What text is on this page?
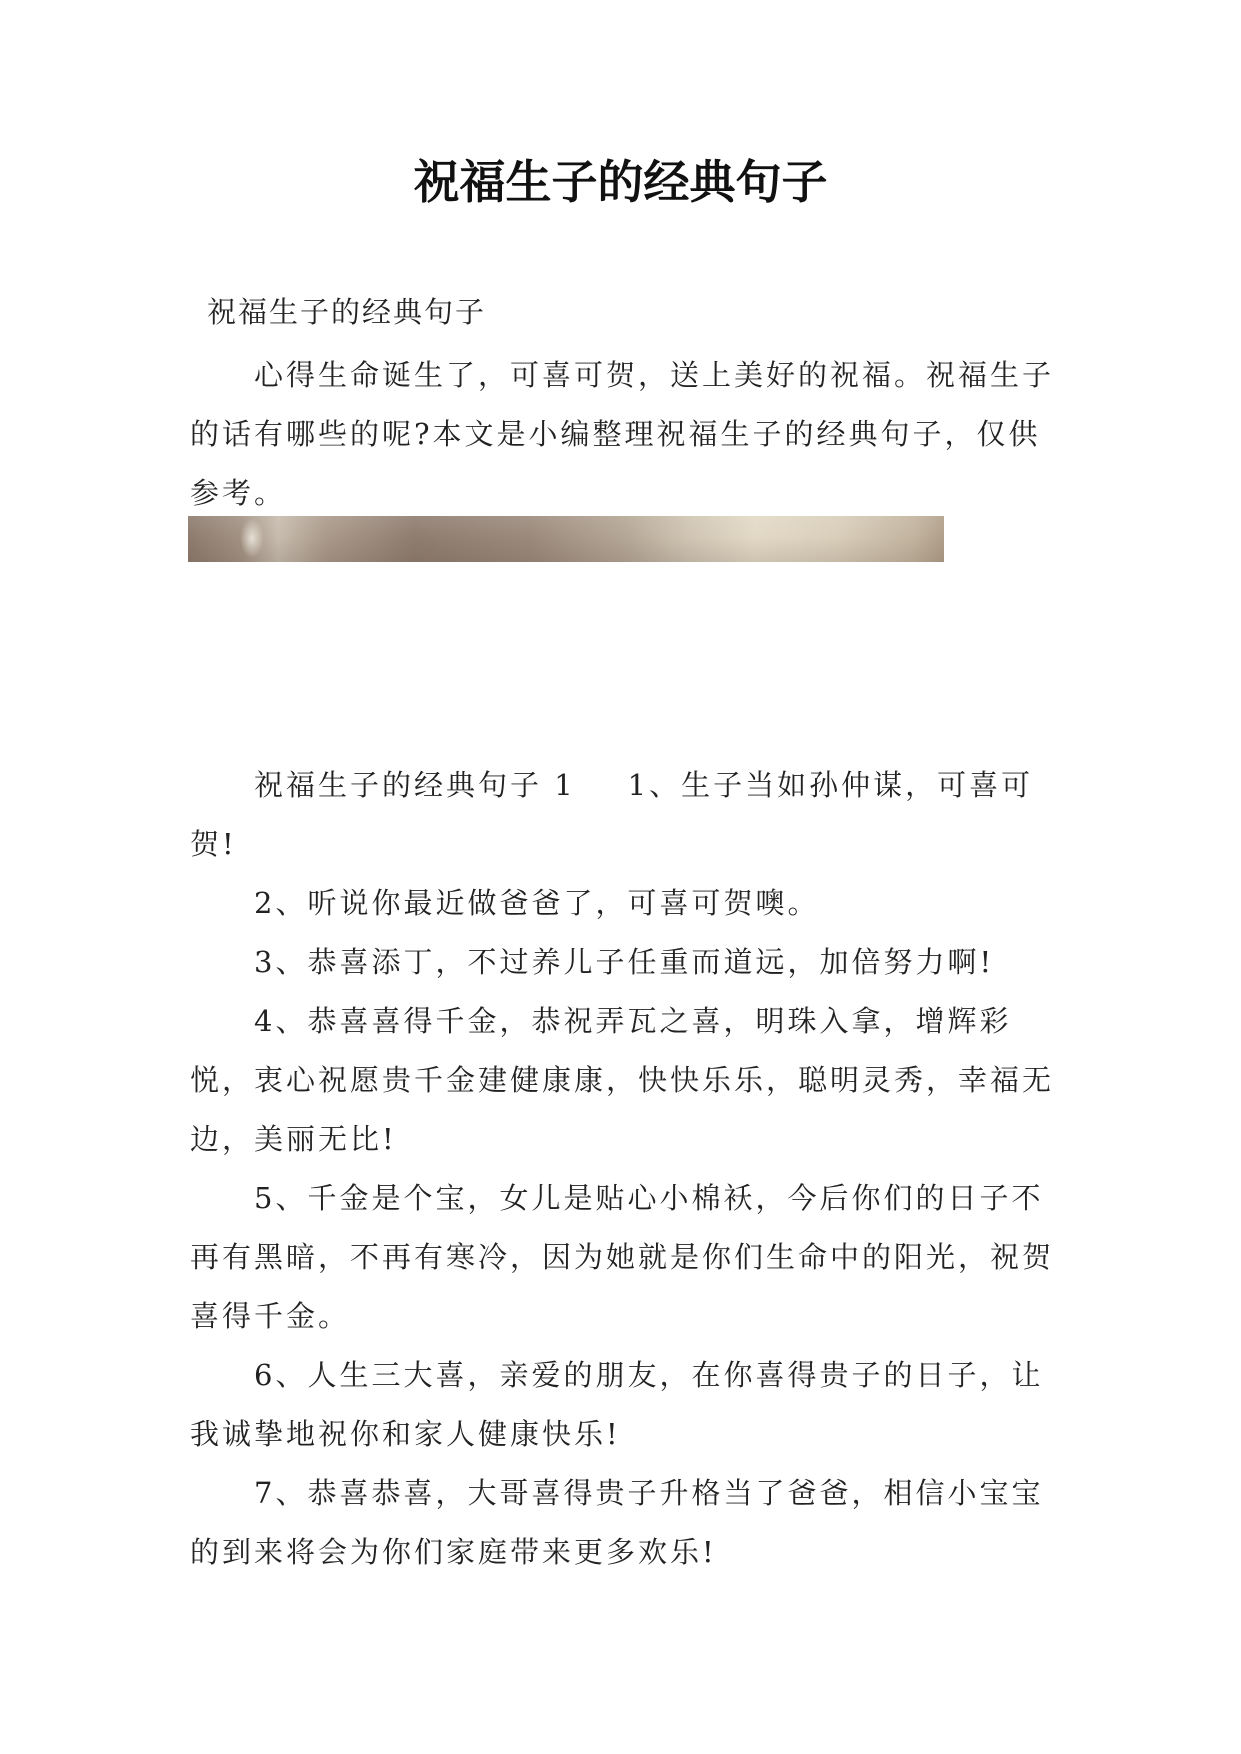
祝福生子的经典句子
祝福生子的经典句子

心得生命诞生了，可喜可贺，送上美好的祝福。祝福生子的话有哪些的呢?本文是小编整理祝福生子的经典句子，仅供参考。

祝福生子的经典句子 1 1、生子当如孙仲谋，可喜可贺!

2、听说你最近做爸爸了，可喜可贺噢。

3、恭喜添丁，不过养儿子任重而道远，加倍努力啊!

4、恭喜喜得千金，恭祝弄瓦之喜，明珠入拿，增辉彩悦，衷心祝愿贵千金建健康康，快快乐乐，聪明灵秀，幸福无边，美丽无比!

5、千金是个宝，女儿是贴心小棉袄，今后你们的日子不再有黑暗，不再有寒冷，因为她就是你们生命中的阳光，祝贺喜得千金。

6、人生三大喜，亲爱的朋友，在你喜得贵子的日子，让我诚挚地祝你和家人健康快乐!

7、恭喜恭喜，大哥喜得贵子升格当了爸爸，相信小宝宝的到来将会为你们家庭带来更多欢乐!
